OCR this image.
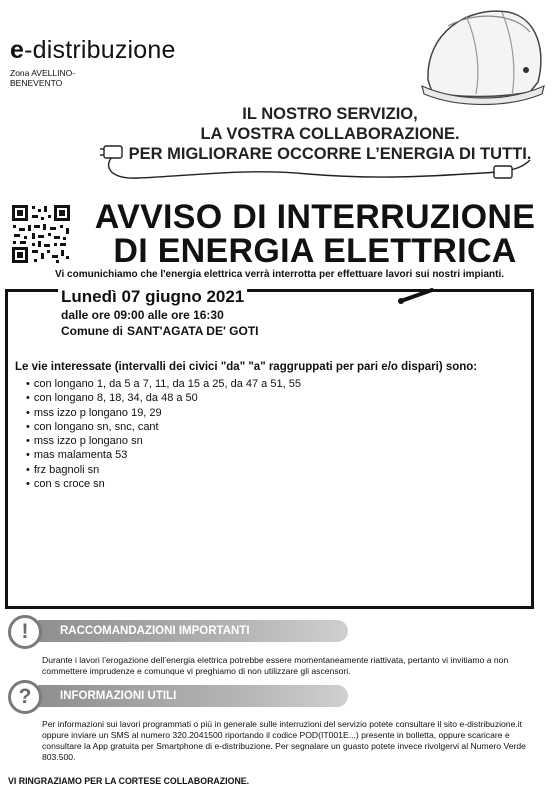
e-distribuzione
Zona AVELLINO-BENEVENTO
IL NOSTRO SERVIZIO,
LA VOSTRA COLLABORAZIONE.
PER MIGLIORARE OCCORRE L’ENERGIA DI TUTTI.
AVVISO DI INTERRUZIONE
DI ENERGIA ELETTRICA
Vi comunichiamo che l'energia elettrica verrà interrotta per effettuare lavori sui nostri impianti.
Lunedì 07 giugno 2021
dalle ore 09:00 alle ore 16:30
Comune di SANT'AGATA DE' GOTI
Le vie interessate (intervalli dei civici "da" "a" raggruppati per pari e/o dispari) sono:
• con longano 1, da 5 a 7, 11, da 15 a 25, da 47 a 51, 55
• con longano 8, 18, 34, da 48 a 50
• mss izzo p longano 19, 29
• con longano sn, snc, cant
• mss izzo p longano sn
• mas malamenta 53
• frz bagnoli sn
• con s croce sn
RACCOMANDAZIONI IMPORTANTI
!
Durante i lavori l’erogazione dell’energia elettrica potrebbe essere momentaneamente riattivata, pertanto vi invitiamo a non commettere imprudenze e comunque vi preghiamo di non utilizzare gli ascensori.
INFORMAZIONI UTILI
?
Per informazioni sui lavori programmati o più in generale sulle interruzioni del servizio potete consultare il sito e-distribuzione.it oppure inviare un SMS al numero 320.2041500 riportando il codice POD(IT001E...) presente in bolletta, oppure scaricare e consultare la App gratuita per Smartphone di e-distribuzione. Per segnalare un guasto potete invece rivolgervi al Numero Verde 803.500.
VI RINGRAZIAMO PER LA CORTESE COLLABORAZIONE.
